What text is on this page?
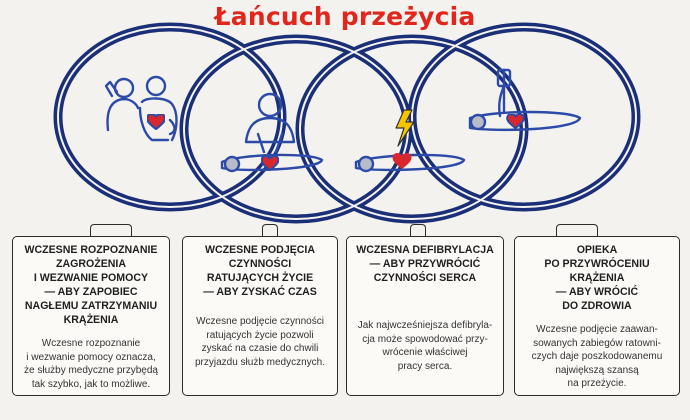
Łańcuch przeżycia
WCZESNE ROZPOZNANIE
ZAGROŻENIA
I WEZWANIE POMOCY
— ABY ZAPOBIEC
NAGŁEMU ZATRZYMANIU
KRĄŻENIA
Wczesne rozpoznanie
i wezwanie pomocy oznacza,
że służby medyczne przybędą
tak szybko, jak to możliwe.
WCZESNE PODJĘCIA
CZYNNOŚCI
RATUJĄCYCH ŻYCIE
— ABY ZYSKAĆ CZAS
Wczesne podjęcie czynności
ratujących życie pozwoli
zyskać na czasie do chwili
przyjazdu służb medycznych.
WCZESNA DEFIBRYLACJA
— ABY PRZYWRÓCIĆ
CZYNNOŚCI SERCA
Jak najwcześniejsza defibryla-
cja może spowodować przy-
wrócenie właściwej
pracy serca.
OPIEKA
PO PRZYWRÓCENIU
KRĄŻENIA
— ABY WRÓCIĆ
DO ZDROWIA
Wczesne podjęcie zaawan-
sowanych zabiegów ratowni-
czych daje poszkodowanemu
największą szansą
na przeżycie.
